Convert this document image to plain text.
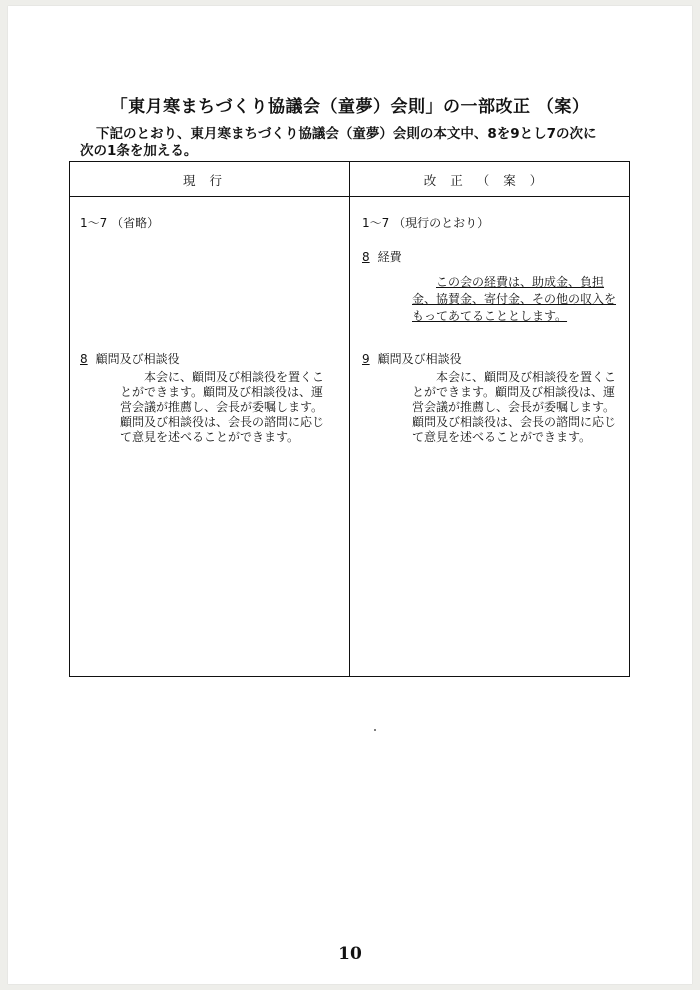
「東月寒まちづくり協議会（童夢）会則」の一部改正 （案）
下記のとおり、東月寒まちづくり協議会（童夢）会則の本文中、8を9とし7の次に
次の1条を加える。
現行	改正（案）
1～7 （省略）
8 顧問及び相談役
本会に、顧問及び相談役を置くことができます。顧問及び相談役は、運営会議が推薦し、会長が委嘱します。顧問及び相談役は、会長の諮問に応じて意見を述べることができます。
1～7 （現行のとおり）
8 経費
この会の経費は、助成金、負担金、協賛金、寄付金、その他の収入をもってあてることとします。
9 顧問及び相談役
本会に、顧問及び相談役を置くことができます。顧問及び相談役は、運営会議が推薦し、会長が委嘱します。顧問及び相談役は、会長の諮問に応じて意見を述べることができます。
10
